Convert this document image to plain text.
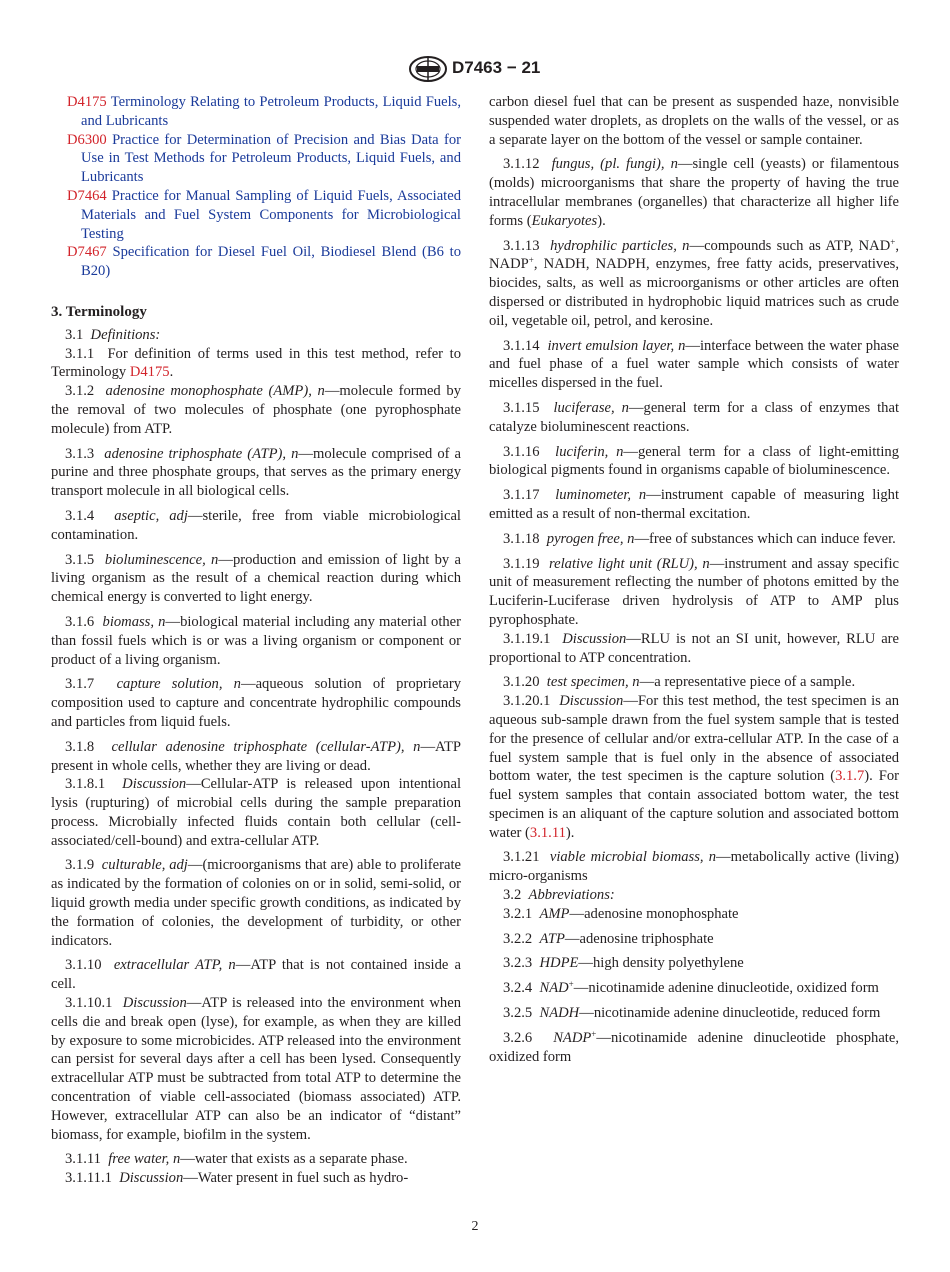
D7463 − 21
D4175 Terminology Relating to Petroleum Products, Liquid Fuels, and Lubricants
D6300 Practice for Determination of Precision and Bias Data for Use in Test Methods for Petroleum Products, Liquid Fuels, and Lubricants
D7464 Practice for Manual Sampling of Liquid Fuels, Associated Materials and Fuel System Components for Microbiological Testing
D7467 Specification for Diesel Fuel Oil, Biodiesel Blend (B6 to B20)
3. Terminology

3.1 Definitions:

3.1.1 For definition of terms used in this test method, refer to Terminology D4175.

3.1.2 adenosine monophosphate (AMP), n—molecule formed by the removal of two molecules of phosphate (one pyrophosphate molecule) from ATP.

3.1.3 adenosine triphosphate (ATP), n—molecule comprised of a purine and three phosphate groups, that serves as the primary energy transport molecule in all biological cells.

3.1.4 aseptic, adj—sterile, free from viable microbiological contamination.

3.1.5 bioluminescence, n—production and emission of light by a living organism as the result of a chemical reaction during which chemical energy is converted to light energy.

3.1.6 biomass, n—biological material including any material other than fossil fuels which is or was a living organism or component or product of a living organism.

3.1.7 capture solution, n—aqueous solution of proprietary composition used to capture and concentrate hydrophilic compounds and particles from liquid fuels.

3.1.8 cellular adenosine triphosphate (cellular-ATP), n—ATP present in whole cells, whether they are living or dead.

3.1.8.1 Discussion—Cellular-ATP is released upon intentional lysis (rupturing) of microbial cells during the sample preparation process. Microbially infected fluids contain both cellular (cell-associated/cell-bound) and extra-cellular ATP.

3.1.9 culturable, adj—(microorganisms that are) able to proliferate as indicated by the formation of colonies on or in solid, semi-solid, or liquid growth media under specific growth conditions, as indicated by the formation of colonies, the development of turbidity, or other indicators.

3.1.10 extracellular ATP, n—ATP that is not contained inside a cell.

3.1.10.1 Discussion—ATP is released into the environment when cells die and break open (lyse), for example, as when they are killed by exposure to some microbicides. ATP released into the environment can persist for several days after a cell has been lysed. Consequently extracellular ATP must be subtracted from total ATP to determine the concentration of viable cell-associated (biomass associated) ATP. However, extracellular ATP can also be an indicator of “distant” biomass, for example, biofilm in the system.

3.1.11 free water, n—water that exists as a separate phase.

3.1.11.1 Discussion—Water present in fuel such as hydro-

carbon diesel fuel that can be present as suspended haze, nonvisible suspended water droplets, as droplets on the walls of the vessel, or as a separate layer on the bottom of the vessel or sample container.

3.1.12 fungus, (pl. fungi), n—single cell (yeasts) or filamentous (molds) microorganisms that share the property of having the true intracellular membranes (organelles) that characterize all higher life forms (Eukaryotes).

3.1.13 hydrophilic particles, n—compounds such as ATP, NAD+, NADP+, NADH, NADPH, enzymes, free fatty acids, preservatives, biocides, salts, as well as microorganisms or other articles are often dispersed or distributed in hydrophobic liquid matrices such as crude oil, vegetable oil, petrol, and kerosine.

3.1.14 invert emulsion layer, n—interface between the water phase and fuel phase of a fuel water sample which consists of water micelles dispersed in the fuel.

3.1.15 luciferase, n—general term for a class of enzymes that catalyze bioluminescent reactions.

3.1.16 luciferin, n—general term for a class of light-emitting biological pigments found in organisms capable of bioluminescence.

3.1.17 luminometer, n—instrument capable of measuring light emitted as a result of non-thermal excitation.

3.1.18 pyrogen free, n—free of substances which can induce fever.

3.1.19 relative light unit (RLU), n—instrument and assay specific unit of measurement reflecting the number of photons emitted by the Luciferin-Luciferase driven hydrolysis of ATP to AMP plus pyrophosphate.

3.1.19.1 Discussion—RLU is not an SI unit, however, RLU are proportional to ATP concentration.

3.1.20 test specimen, n—a representative piece of a sample.

3.1.20.1 Discussion—For this test method, the test specimen is an aqueous sub-sample drawn from the fuel system sample that is tested for the presence of cellular and/or extra-cellular ATP. In the case of a fuel system sample that is fuel only in the absence of associated bottom water, the test specimen is the capture solution (3.1.7). For fuel system samples that contain associated bottom water, the test specimen is an aliquant of the capture solution and associated bottom water (3.1.11).

3.1.21 viable microbial biomass, n—metabolically active (living) micro-organisms

3.2 Abbreviations:

3.2.1 AMP—adenosine monophosphate

3.2.2 ATP—adenosine triphosphate

3.2.3 HDPE—high density polyethylene

3.2.4 NAD+—nicotinamide adenine dinucleotide, oxidized form

3.2.5 NADH—nicotinamide adenine dinucleotide, reduced form

3.2.6 NADP+—nicotinamide adenine dinucleotide phosphate, oxidized form

2
